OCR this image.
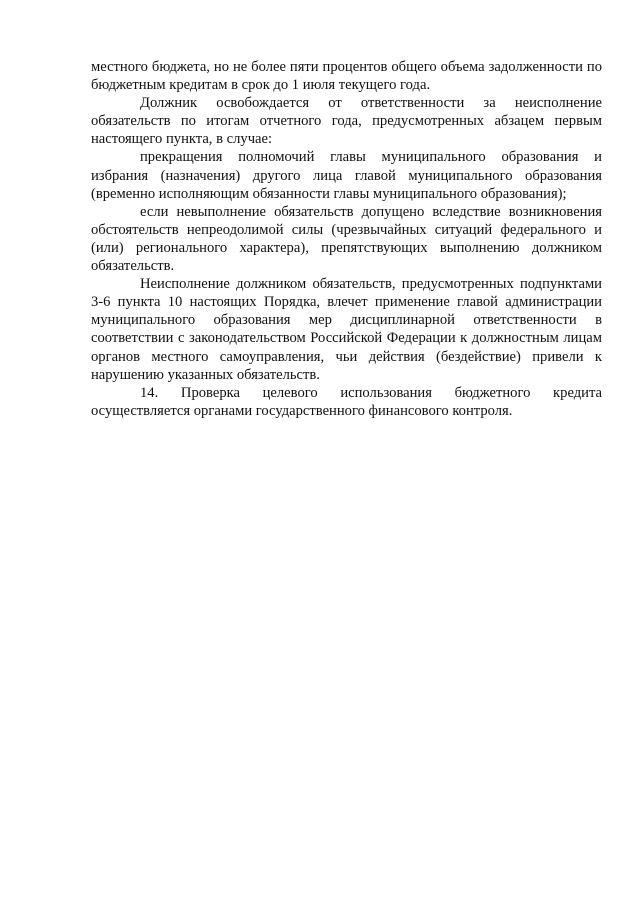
местного бюджета, но не более пяти процентов общего объема задолженности по бюджетным кредитам в срок до 1 июля текущего года.

Должник освобождается от ответственности за неисполнение обязательств по итогам отчетного года, предусмотренных абзацем первым настоящего пункта, в случае:

прекращения полномочий главы муниципального образования и избрания (назначения) другого лица главой муниципального образования (временно исполняющим обязанности главы муниципального образования);

если невыполнение обязательств допущено вследствие возникновения обстоятельств непреодолимой силы (чрезвычайных ситуаций федерального и (или) регионального характера), препятствующих выполнению должником обязательств.

Неисполнение должником обязательств, предусмотренных подпунктами 3-6 пункта 10 настоящих Порядка, влечет применение главой администрации муниципального образования мер дисциплинарной ответственности в соответствии с законодательством Российской Федерации к должностным лицам органов местного самоуправления, чьи действия (бездействие) привели к нарушению указанных обязательств.

14. Проверка целевого использования бюджетного кредита осуществляется органами государственного финансового контроля.
